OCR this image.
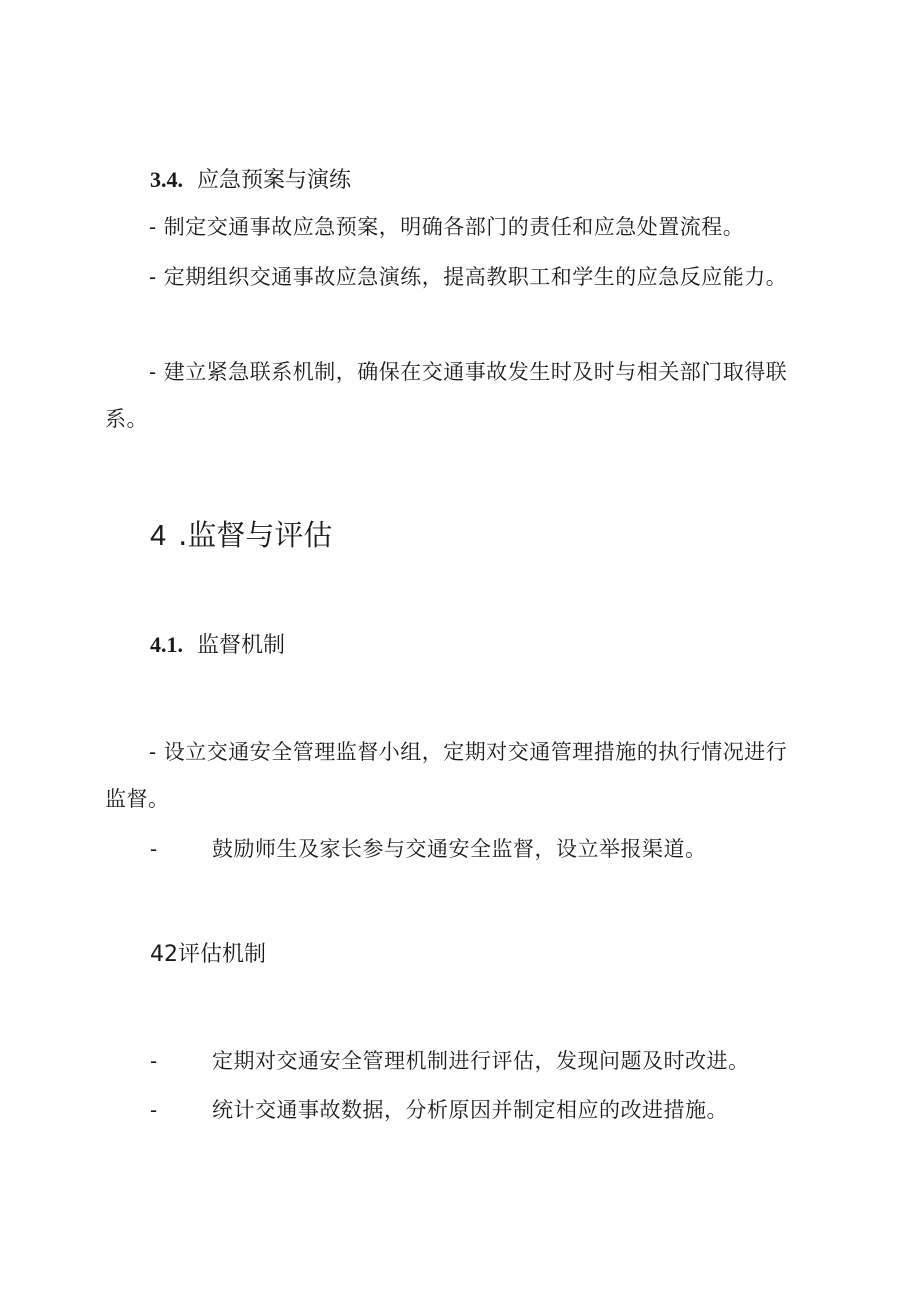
3.4. 应急预案与演练
- 制定交通事故应急预案，明确各部门的责任和应急处置流程。
- 定期组织交通事故应急演练，提高教职工和学生的应急反应能力。
- 建立紧急联系机制，确保在交通事故发生时及时与相关部门取得联系。
4 .监督与评估
4.1. 监督机制
- 设立交通安全管理监督小组，定期对交通管理措施的执行情况进行监督。
-	鼓励师生及家长参与交通安全监督，设立举报渠道。
42评估机制
-	定期对交通安全管理机制进行评估，发现问题及时改进。
-	统计交通事故数据，分析原因并制定相应的改进措施。
